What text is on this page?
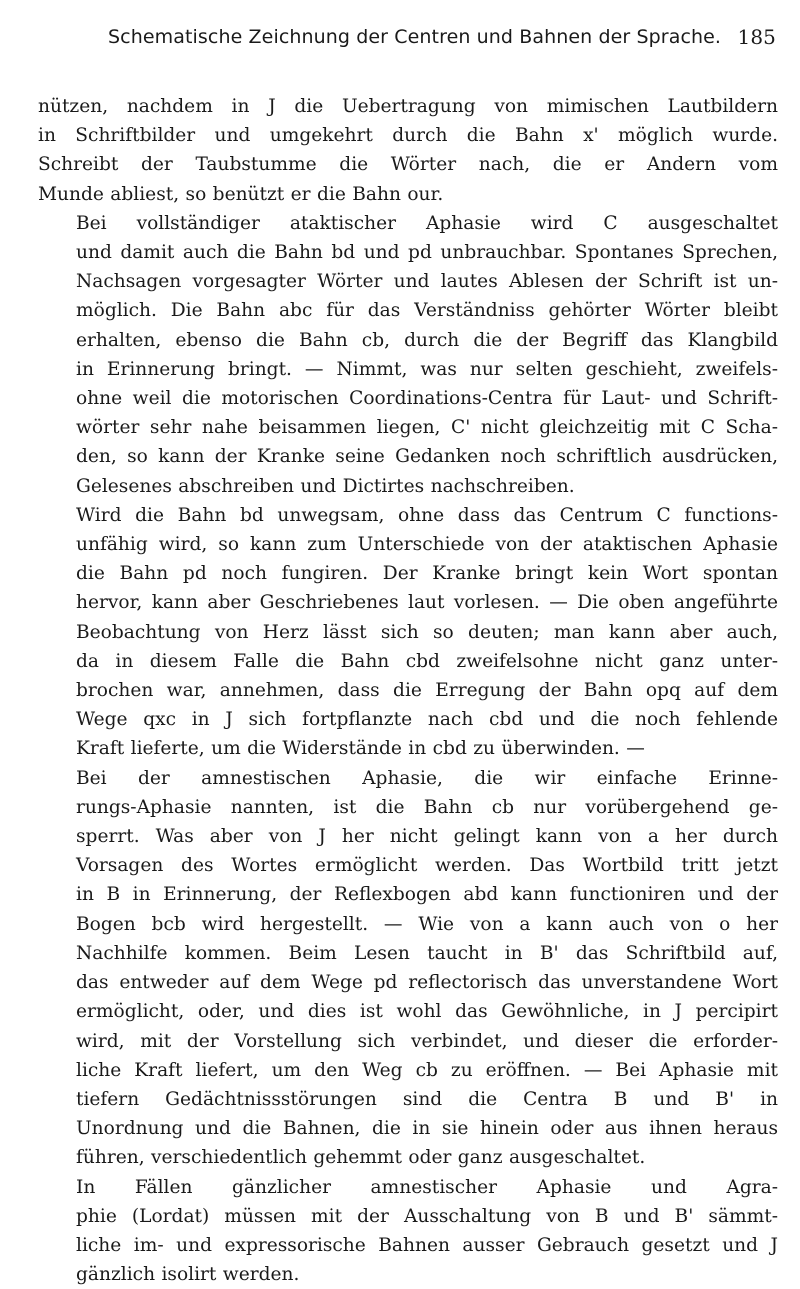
Schematische Zeichnung der Centren und Bahnen der Sprache. 185

nützen, nachdem in J die Uebertragung von mimischen Lautbildern
in Schriftbilder und umgekehrt durch die Bahn x' möglich wurde.
Schreibt der Taubstumme die Wörter nach, die er Andern vom
Munde abliest, so benützt er die Bahn our.

Bei vollständiger ataktischer Aphasie wird C ausgeschaltet
und damit auch die Bahn bd und pd unbrauchbar. Spontanes Sprechen,
Nachsagen vorgesagter Wörter und lautes Ablesen der Schrift ist un-
möglich. Die Bahn abc für das Verständniss gehörter Wörter bleibt
erhalten, ebenso die Bahn cb, durch die der Begriff das Klangbild
in Erinnerung bringt. — Nimmt, was nur selten geschieht, zweifels-
ohne weil die motorischen Coordinations-Centra für Laut- und Schrift-
wörter sehr nahe beisammen liegen, C' nicht gleichzeitig mit C Scha-
den, so kann der Kranke seine Gedanken noch schriftlich ausdrücken,
Gelesenes abschreiben und Dictirtes nachschreiben.

Wird die Bahn bd unwegsam, ohne dass das Centrum C functions-
unfähig wird, so kann zum Unterschiede von der ataktischen Aphasie
die Bahn pd noch fungiren. Der Kranke bringt kein Wort spontan
hervor, kann aber Geschriebenes laut vorlesen. — Die oben angeführte
Beobachtung von Herz lässt sich so deuten; man kann aber auch,
da in diesem Falle die Bahn cbd zweifelsohne nicht ganz unter-
brochen war, annehmen, dass die Erregung der Bahn opq auf dem
Wege qxc in J sich fortpflanzte nach cbd und die noch fehlende
Kraft lieferte, um die Widerstände in cbd zu überwinden. —

Bei der amnestischen Aphasie, die wir einfache Erinne-
rungs-Aphasie nannten, ist die Bahn cb nur vorübergehend ge-
sperrt. Was aber von J her nicht gelingt kann von a her durch
Vorsagen des Wortes ermöglicht werden. Das Wortbild tritt jetzt
in B in Erinnerung, der Reflexbogen abd kann functioniren und der
Bogen bcb wird hergestellt. — Wie von a kann auch von o her
Nachhilfe kommen. Beim Lesen taucht in B' das Schriftbild auf,
das entweder auf dem Wege pd reflectorisch das unverstandene Wort
ermöglicht, oder, und dies ist wohl das Gewöhnliche, in J percipirt
wird, mit der Vorstellung sich verbindet, und dieser die erforder-
liche Kraft liefert, um den Weg cb zu eröffnen. — Bei Aphasie mit
tiefern Gedächtnissstörungen sind die Centra B und B' in
Unordnung und die Bahnen, die in sie hinein oder aus ihnen heraus
führen, verschiedentlich gehemmt oder ganz ausgeschaltet.

In Fällen gänzlicher amnestischer Aphasie und Agra-
phie (Lordat) müssen mit der Ausschaltung von B und B' sämmt-
liche im- und expressorische Bahnen ausser Gebrauch gesetzt und J
gänzlich isolirt werden.
